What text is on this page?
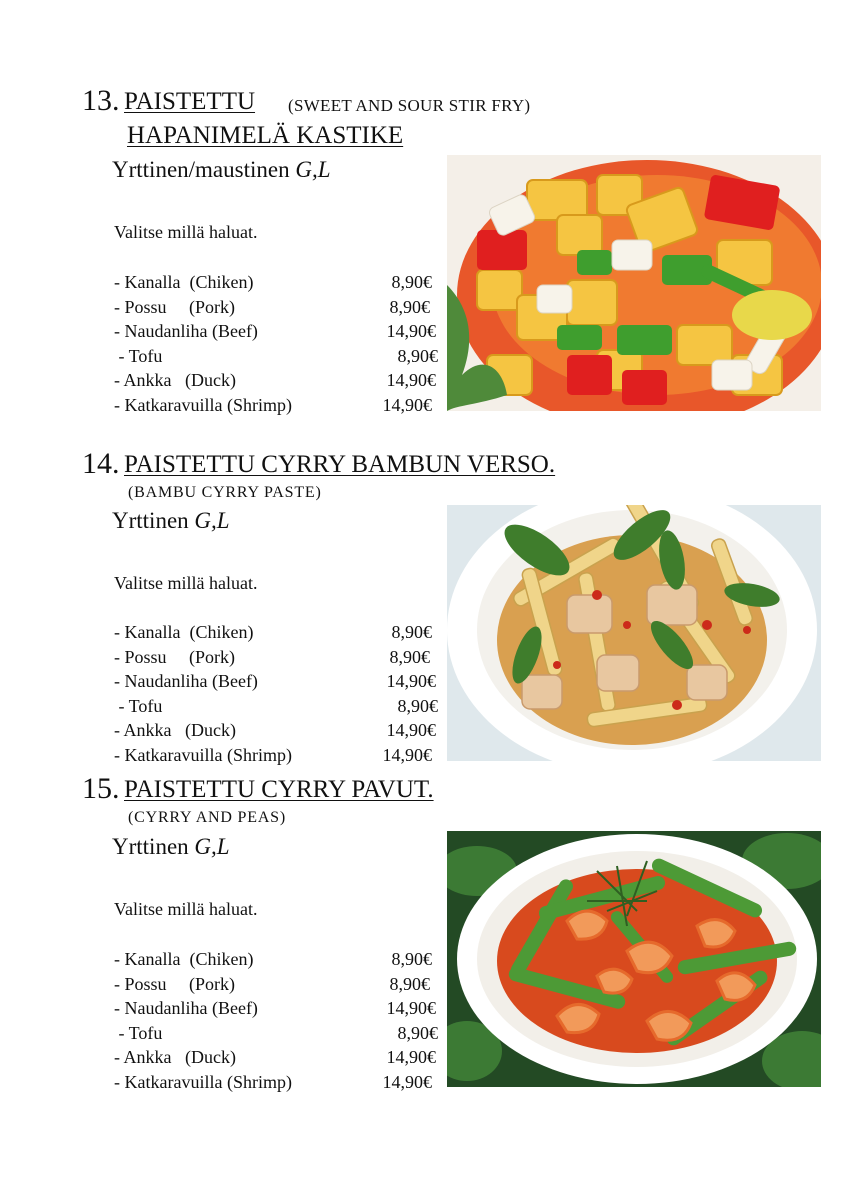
13. PAISTETTU (SWEET AND SOUR STIR FRY)
HAPANIMELÄ KASTIKE
Yrttinen/maustinen G,L
Valitse millä haluat.
- Kanalla  (Chiken)	8,90€
- Possu     (Pork)	8,90€
- Naudanliha (Beef)	14,90€
- Tofu	8,90€
- Ankka   (Duck)	14,90€
- Katkaravuilla (Shrimp)	14,90€
14. PAISTETTU CYRRY BAMBUN VERSO.
(BAMBU CYRRY PASTE)
Yrttinen G,L
Valitse millä haluat.
- Kanalla  (Chiken)	8,90€
- Possu     (Pork)	8,90€
- Naudanliha (Beef)	14,90€
- Tofu	8,90€
- Ankka   (Duck)	14,90€
- Katkaravuilla (Shrimp)	14,90€
15. PAISTETTU CYRRY PAVUT.
(CYRRY AND PEAS)
Yrttinen G,L
Valitse millä haluat.
- Kanalla  (Chiken)	8,90€
- Possu     (Pork)	8,90€
- Naudanliha (Beef)	14,90€
- Tofu	8,90€
- Ankka   (Duck)	14,90€
- Katkaravuilla (Shrimp)	14,90€
